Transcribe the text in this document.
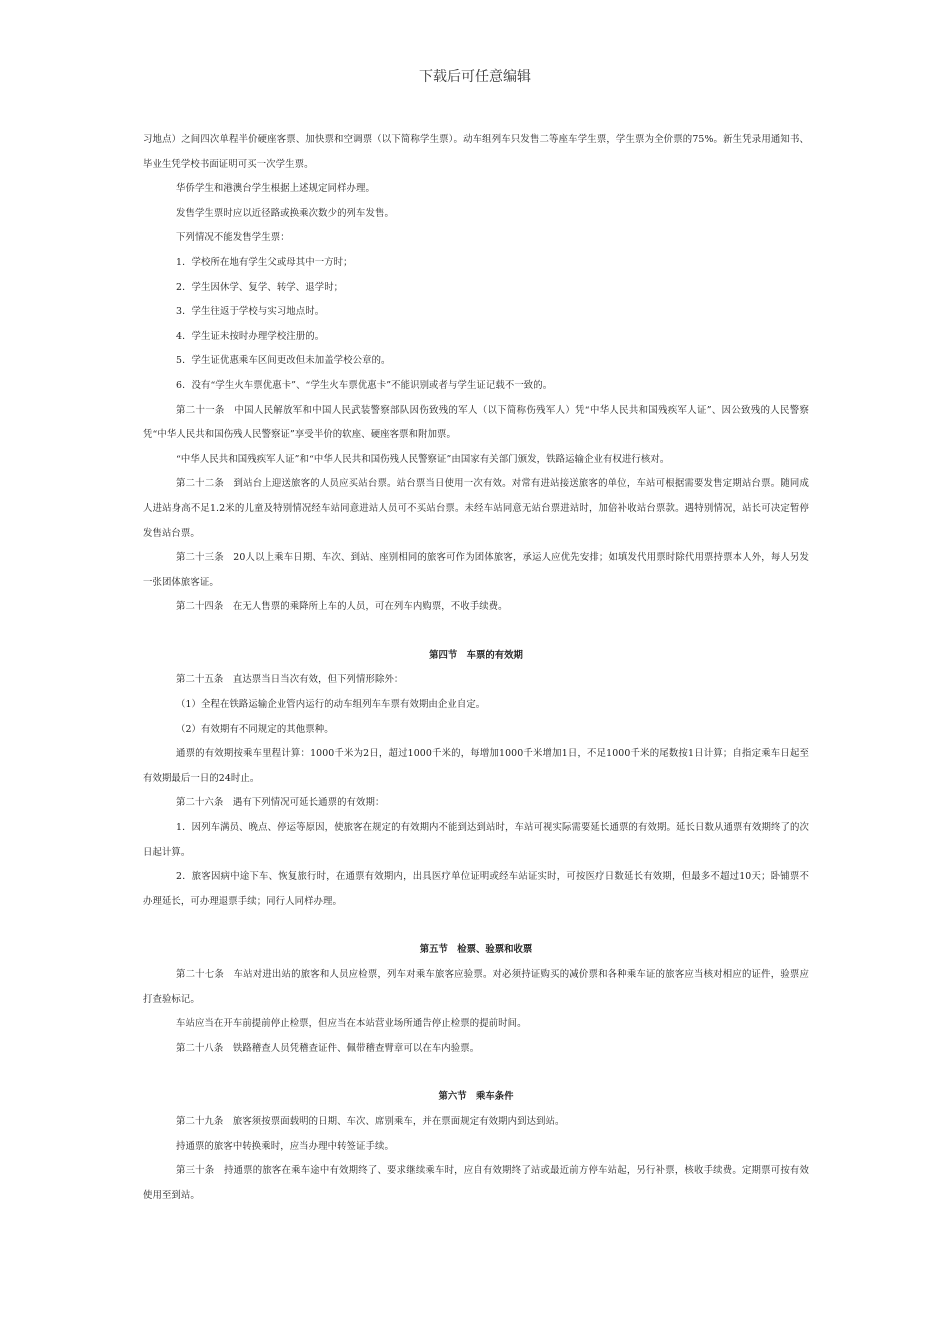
下载后可任意编辑

习地点）之间四次单程半价硬座客票、加快票和空调票（以下简称学生票）。动车组列车只发售二等座车学生票，学生票为全价票的75%。新生凭录用通知书、毕业生凭学校书面证明可买一次学生票。

华侨学生和港澳台学生根据上述规定同样办理。

发售学生票时应以近径路或换乘次数少的列车发售。

下列情况不能发售学生票：

1．学校所在地有学生父或母其中一方时；

2．学生因休学、复学、转学、退学时；

3．学生往返于学校与实习地点时。

4．学生证未按时办理学校注册的。

5．学生证优惠乘车区间更改但未加盖学校公章的。

6．没有“学生火车票优惠卡”、“学生火车票优惠卡”不能识别或者与学生证记载不一致的。

第二十一条　中国人民解放军和中国人民武装警察部队因伤致残的军人（以下简称伤残军人）凭“中华人民共和国残疾军人证”、因公致残的人民警察凭“中华人民共和国伤残人民警察证”享受半价的软座、硬座客票和附加票。

“中华人民共和国残疾军人证”和“中华人民共和国伤残人民警察证”由国家有关部门颁发，铁路运输企业有权进行核对。

第二十二条　到站台上迎送旅客的人员应买站台票。站台票当日使用一次有效。对常有进站接送旅客的单位，车站可根据需要发售定期站台票。随同成人进站身高不足1.2米的儿童及特别情况经车站同意进站人员可不买站台票。未经车站同意无站台票进站时，加倍补收站台票款。遇特别情况，站长可决定暂停发售站台票。

第二十三条　20人以上乘车日期、车次、到站、座别相同的旅客可作为团体旅客，承运人应优先安排；如填发代用票时除代用票持票本人外，每人另发一张团体旅客证。

第二十四条　在无人售票的乘降所上车的人员，可在列车内购票，不收手续费。

第四节　车票的有效期

第二十五条　直达票当日当次有效，但下列情形除外：

（1）全程在铁路运输企业管内运行的动车组列车车票有效期由企业自定。

（2）有效期有不同规定的其他票种。

通票的有效期按乘车里程计算：1000千米为2日，超过1000千米的，每增加1000千米增加1日，不足1000千米的尾数按1日计算；自指定乘车日起至有效期最后一日的24时止。

第二十六条　遇有下列情况可延长通票的有效期：

1．因列车满员、晚点、停运等原因，使旅客在规定的有效期内不能到达到站时，车站可视实际需要延长通票的有效期。延长日数从通票有效期终了的次日起计算。

2．旅客因病中途下车、恢复旅行时，在通票有效期内，出具医疗单位证明或经车站证实时，可按医疗日数延长有效期，但最多不超过10天；卧铺票不办理延长，可办理退票手续；同行人同样办理。

第五节　检票、验票和收票

第二十七条　车站对进出站的旅客和人员应检票，列车对乘车旅客应验票。对必须持证购买的减价票和各种乘车证的旅客应当核对相应的证件，验票应打查验标记。

车站应当在开车前提前停止检票，但应当在本站营业场所通告停止检票的提前时间。

第二十八条　铁路稽查人员凭稽查证件、佩带稽查臂章可以在车内验票。

第六节　乘车条件

第二十九条　旅客须按票面载明的日期、车次、席别乘车，并在票面规定有效期内到达到站。

持通票的旅客中转换乘时，应当办理中转签证手续。

第三十条　持通票的旅客在乘车途中有效期终了、要求继续乘车时，应自有效期终了站或最近前方停车站起，另行补票，核收手续费。定期票可按有效使用至到站。
